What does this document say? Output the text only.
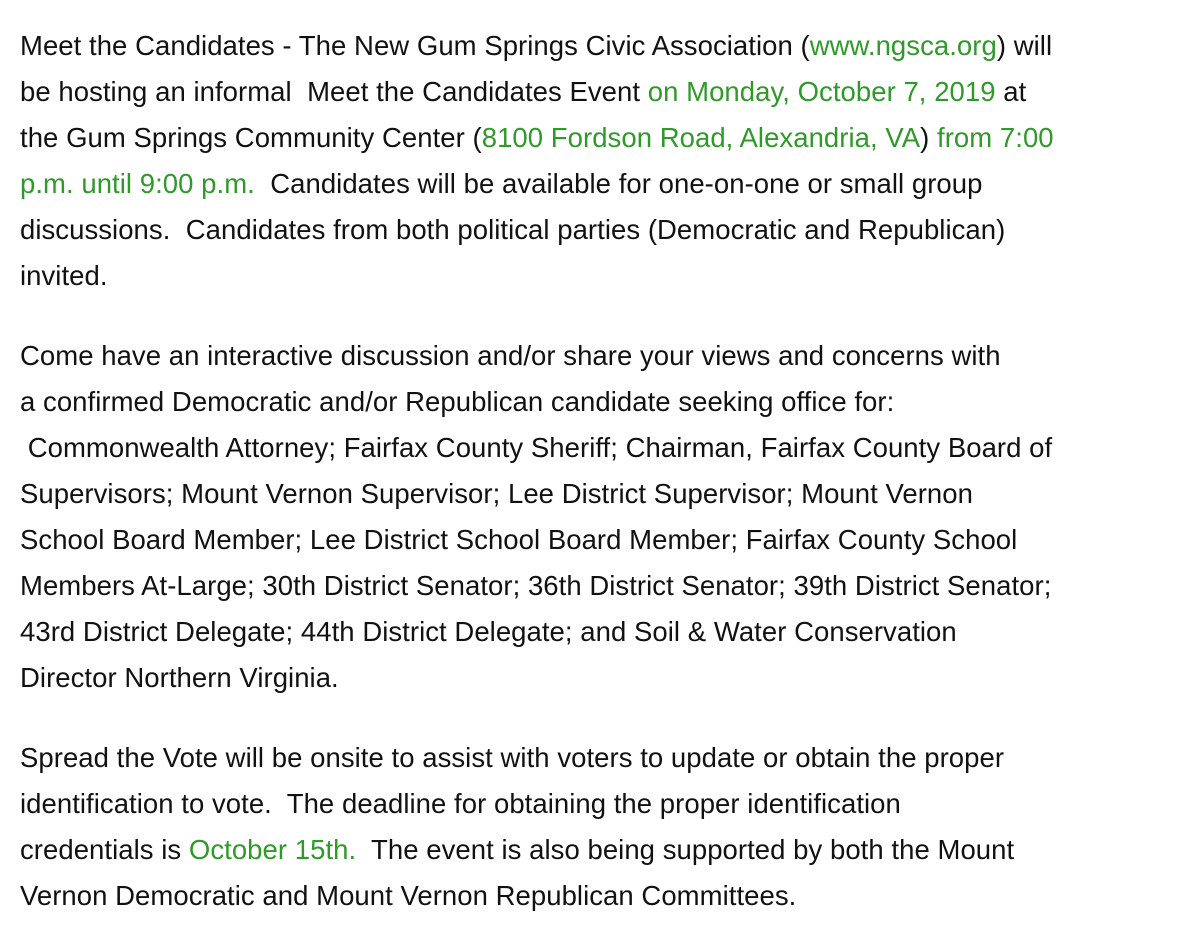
Meet the Candidates - The New Gum Springs Civic Association (www.ngsca.org) will
be hosting an informal  Meet the Candidates Event on Monday, October 7, 2019 at
the Gum Springs Community Center (8100 Fordson Road, Alexandria, VA) from 7:00
p.m. until 9:00 p.m.  Candidates will be available for one-on-one or small group
discussions.  Candidates from both political parties (Democratic and Republican)
invited.
Come have an interactive discussion and/or share your views and concerns with
a confirmed Democratic and/or Republican candidate seeking office for:
Commonwealth Attorney; Fairfax County Sheriff; Chairman, Fairfax County Board of
Supervisors; Mount Vernon Supervisor; Lee District Supervisor; Mount Vernon
School Board Member; Lee District School Board Member; Fairfax County School
Members At-Large; 30th District Senator; 36th District Senator; 39th District Senator;
43rd District Delegate; 44th District Delegate; and Soil & Water Conservation
Director Northern Virginia.
Spread the Vote will be onsite to assist with voters to update or obtain the proper
identification to vote.  The deadline for obtaining the proper identification
credentials is October 15th.  The event is also being supported by both the Mount
Vernon Democratic and Mount Vernon Republican Committees.
